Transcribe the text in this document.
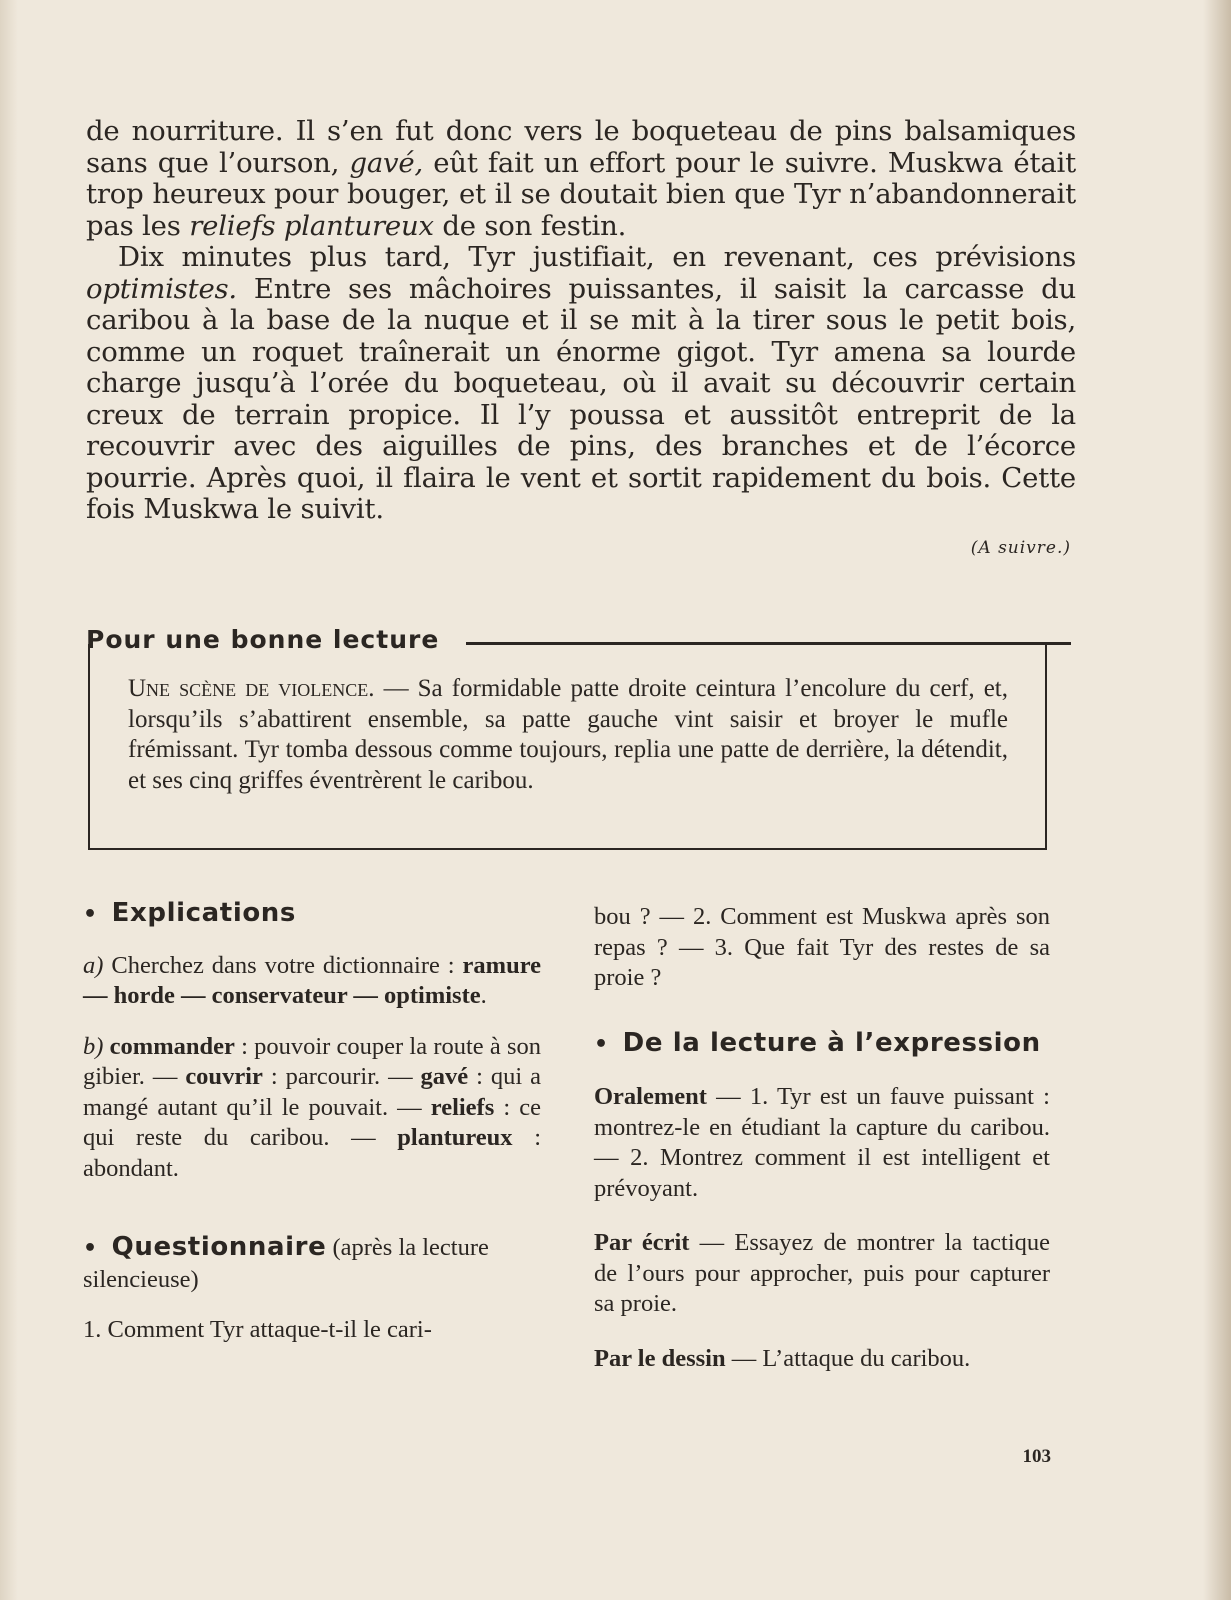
de nourriture. Il s’en fut donc vers le boqueteau de pins balsamiques sans que l’ourson, gavé, eût fait un effort pour le suivre. Muskwa était trop heureux pour bouger, et il se doutait bien que Tyr n’abandonnerait pas les reliefs plantureux de son festin.

Dix minutes plus tard, Tyr justifiait, en revenant, ces prévisions optimistes. Entre ses mâchoires puissantes, il saisit la carcasse du caribou à la base de la nuque et il se mit à la tirer sous le petit bois, comme un roquet traînerait un énorme gigot. Tyr amena sa lourde charge jusqu’à l’orée du boqueteau, où il avait su découvrir certain creux de terrain propice. Il l’y poussa et aussitôt entreprit de la recouvrir avec des aiguilles de pins, des branches et de l’écorce pourrie. Après quoi, il flaira le vent et sortit rapidement du bois. Cette fois Muskwa le suivit.

(A suivre.)
Pour une bonne lecture
Une scène de violence. — Sa formidable patte droite ceintura l’encolure du cerf, et, lorsqu’ils s’abattirent ensemble, sa patte gauche vint saisir et broyer le mufle frémissant. Tyr tomba dessous comme toujours, replia une patte de derrière, la détendit, et ses cinq griffes éventrèrent le caribou.

• Explications

a) Cherchez dans votre dictionnaire : ramure — horde — conservateur — optimiste.

b) commander : pouvoir couper la route à son gibier. — couvrir : parcourir. — gavé : qui a mangé autant qu’il le pouvait. — reliefs : ce qui reste du caribou. — plantureux : abondant.

• Questionnaire (après la lecture silencieuse)

1. Comment Tyr attaque-t-il le cari-

bou ? — 2. Comment est Muskwa après son repas ? — 3. Que fait Tyr des restes de sa proie ?

• De la lecture à l’expression

Oralement — 1. Tyr est un fauve puissant : montrez-le en étudiant la capture du caribou. — 2. Montrez comment il est intelligent et prévoyant.

Par écrit — Essayez de montrer la tactique de l’ours pour approcher, puis pour capturer sa proie.

Par le dessin — L’attaque du caribou.

103
